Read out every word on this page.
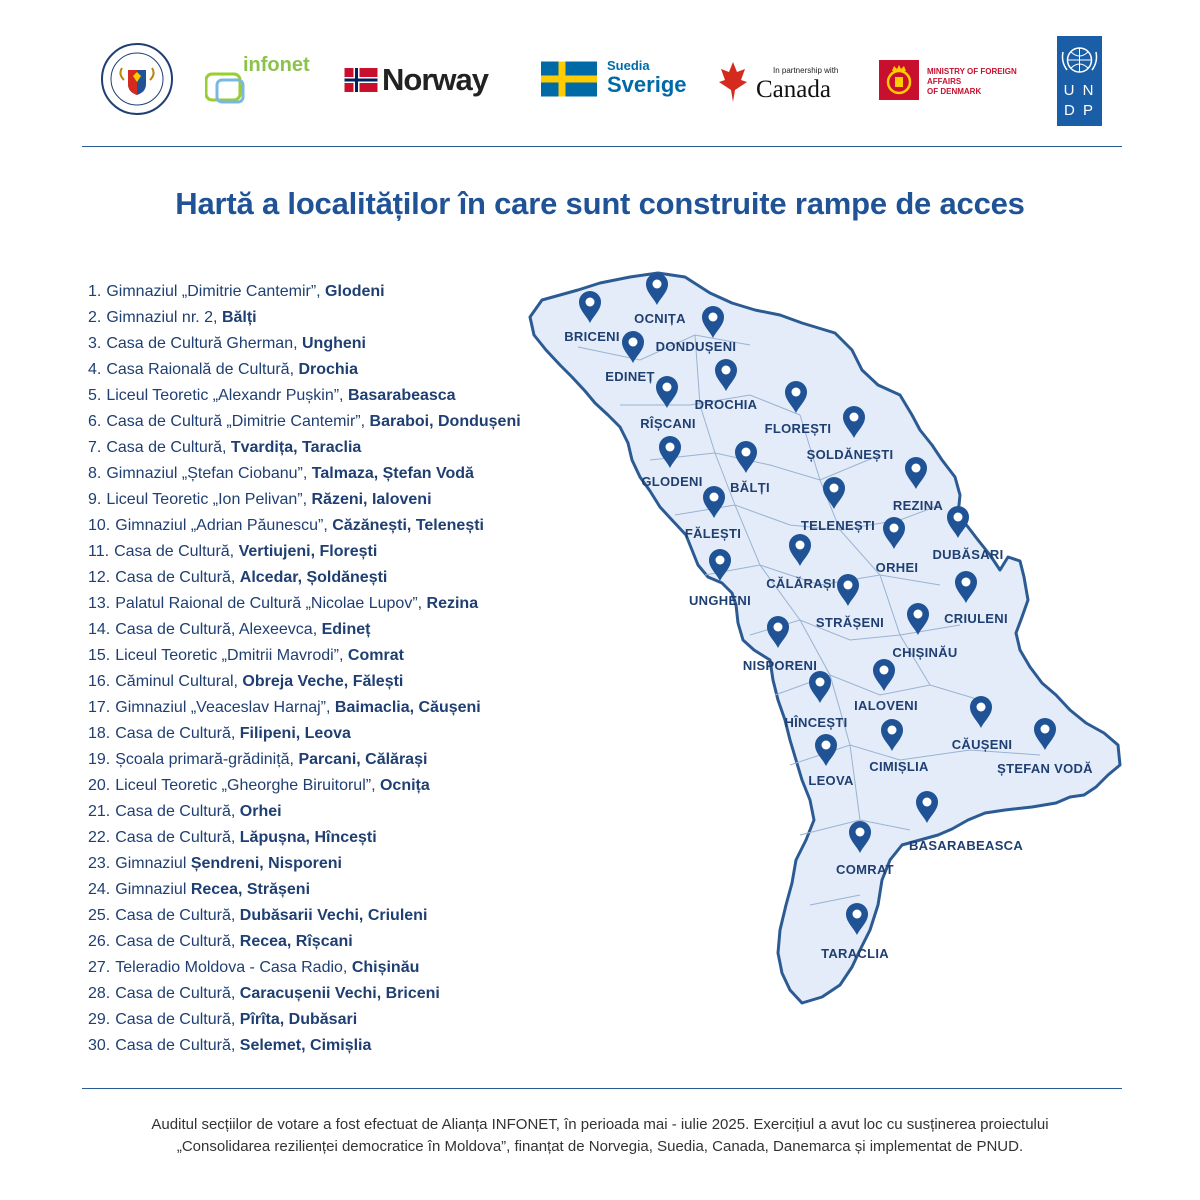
infonet Norway	Suedia
Sverige
In partnership with
Canada
MINISTRY OF FOREIGN
AFFAIRS
OF DENMARK	U N
D P
Hartă a localităților în care sunt construite rampe de acces
1. Gimnaziul „Dimitrie Cantemir”, Glodeni
2. Gimnaziul nr. 2, Bălți
3. Casa de Cultură Gherman, Ungheni
4. Casa Raională de Cultură, Drochia
5. Liceul Teoretic „Alexandr Pușkin”, Basarabeasca
6. Casa de Cultură „Dimitrie Cantemir”, Baraboi, Dondușeni
7. Casa de Cultură, Tvardița, Taraclia
8. Gimnaziul „Ștefan Ciobanu”, Talmaza, Ștefan Vodă
9. Liceul Teoretic „Ion Pelivan”, Răzeni, Ialoveni
10. Gimnaziul „Adrian Păunescu”, Căzănești, Telenești
11. Casa de Cultură, Vertiujeni, Florești
12. Casa de Cultură, Alcedar, Șoldănești
13. Palatul Raional de Cultură „Nicolae Lupov”, Rezina
14. Casa de Cultură, Alexeevca, Edineț
15. Liceul Teoretic „Dmitrii Mavrodi”, Comrat
16. Căminul Cultural, Obreja Veche, Fălești
17. Gimnaziul „Veaceslav Harnaj”, Baimaclia, Căușeni
18. Casa de Cultură, Filipeni, Leova
19. Școala primară-grădiniță, Parcani, Călărași
20. Liceul Teoretic „Gheorghe Biruitorul”, Ocnița
21. Casa de Cultură, Orhei
22. Casa de Cultură, Lăpușna, Hîncești
23. Gimnaziul Șendreni, Nisporeni
24. Gimnaziul Recea, Strășeni
25. Casa de Cultură, Dubăsarii Vechi, Criuleni
26. Casa de Cultură, Recea, Rîșcani
27. Teleradio Moldova - Casa Radio, Chișinău
28. Casa de Cultură, Caracușenii Vechi, Briceni
29. Casa de Cultură, Pîrîta, Dubăsari
30. Casa de Cultură, Selemet, Cimișlia
BRICENI
OCNIȚA
DONDUȘENI
EDINEȚ
DROCHIA
RÎȘCANI	FLOREȘTI
ȘOLDĂNEȘTI
GLODENI BĂLȚI
REZINA
FĂLEȘTI
TELENEȘTI
DUBĂSARI
ORHEI
UNGHENI
CĂLĂRAȘI
CRIULENI
STRĂȘENI
CHIȘINĂU
NISPORENI
IALOVENI
HÎNCEȘTI
CĂUȘENI
ȘTEFAN VODĂ
LEOVA
CIMIȘLIA
BASARABEASCA
COMRAT
TARACLIA
Auditul secțiilor de votare a fost efectuat de Alianța INFONET, în perioada mai - iulie 2025. Exercițiul a avut loc cu susținerea proiectului
„Consolidarea rezilienței democratice în Moldova”, finanțat de Norvegia, Suedia, Canada, Danemarca și implementat de PNUD.
